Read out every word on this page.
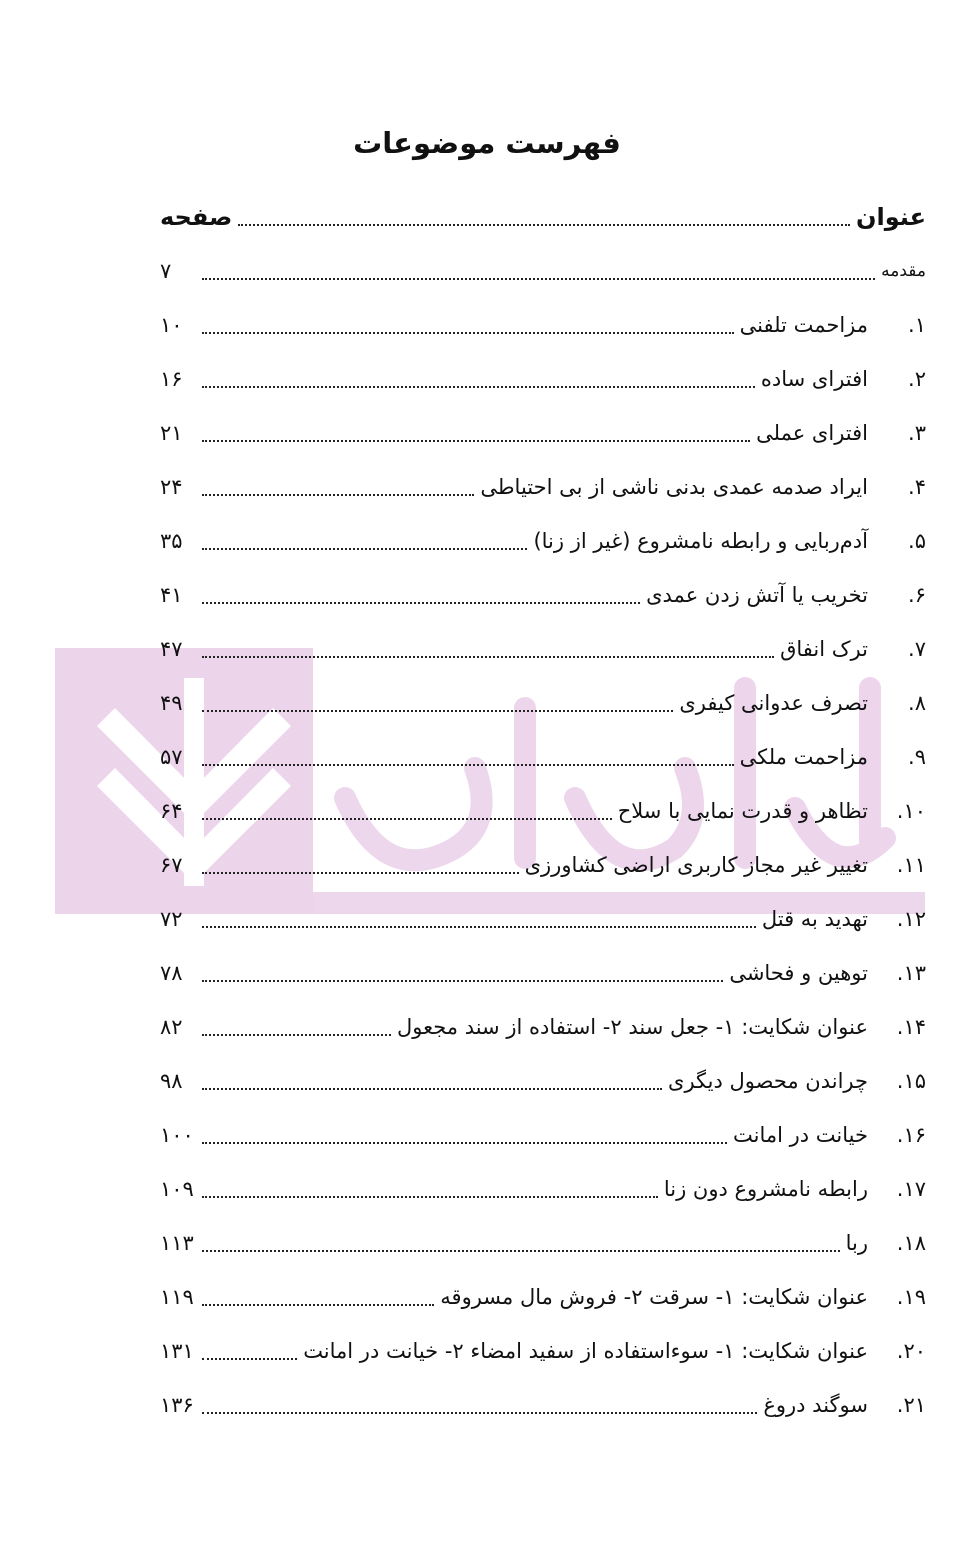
فهرست موضوعات
عنوان
صفحه
مقدمه
۷
۱.
مزاحمت تلفنی
۱۰
۲.
افترای ساده
۱۶
۳.
افترای عملی
۲۱
۴.
ایراد صدمه عمدی بدنی ناشی از بی احتیاطی
۲۴
۵.
آدم‌ربایی و رابطه نامشروع (غیر از زنا)
۳۵
۶.
تخریب یا آتش زدن عمدی
۴۱
۷.
ترک انفاق
۴۷
۸.
تصرف عدوانی کیفری
۴۹
۹.
مزاحمت ملکی
۵۷
۱۰.
تظاهر و قدرت نمایی با سلاح
۶۴
۱۱.
تغییر غیر مجاز کاربری اراضی کشاورزی
۶۷
۱۲.
تهدید به قتل
۷۲
۱۳.
توهین و فحاشی
۷۸
۱۴.
عنوان شکایت: ۱- جعل سند ۲- استفاده از سند مجعول
۸۲
۱۵.
چراندن محصول دیگری
۹۸
۱۶.
خیانت در امانت
۱۰۰
۱۷.
رابطه نامشروع دون زنا
۱۰۹
۱۸.
ربا
۱۱۳
۱۹.
عنوان شکایت: ۱- سرقت ۲- فروش مال مسروقه
۱۱۹
۲۰.
عنوان شکایت: ۱- سوءاستفاده از سفید امضاء ۲- خیانت در امانت
۱۳۱
۲۱.
سوگند دروغ
۱۳۶
